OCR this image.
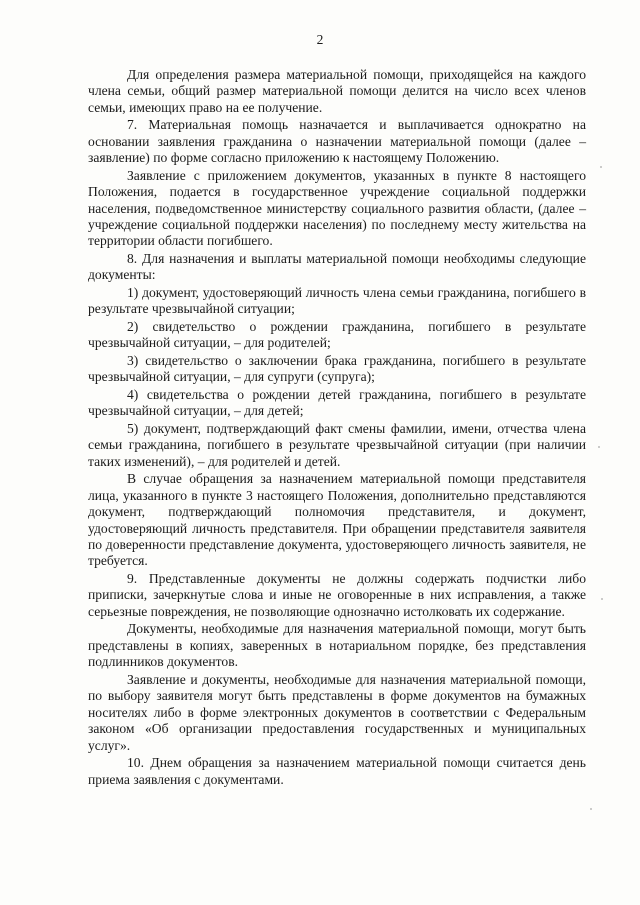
2

Для определения размера материальной помощи, приходящейся на каждого члена семьи, общий размер материальной помощи делится на число всех членов семьи, имеющих право на ее получение.

7. Материальная помощь назначается и выплачивается однократно на основании заявления гражданина о назначении материальной помощи (далее – заявление) по форме согласно приложению к настоящему Положению.

Заявление с приложением документов, указанных в пункте 8 настоящего Положения, подается в государственное учреждение социальной поддержки населения, подведомственное министерству социального развития области, (далее – учреждение социальной поддержки населения) по последнему месту жительства на территории области погибшего.

8. Для назначения и выплаты материальной помощи необходимы следующие документы:

1) документ, удостоверяющий личность члена семьи гражданина, погибшего в результате чрезвычайной ситуации;

2) свидетельство о рождении гражданина, погибшего в результате чрезвычайной ситуации, – для родителей;

3) свидетельство о заключении брака гражданина, погибшего в результате чрезвычайной ситуации, – для супруги (супруга);

4) свидетельства о рождении детей гражданина, погибшего в результате чрезвычайной ситуации, – для детей;

5) документ, подтверждающий факт смены фамилии, имени, отчества члена семьи гражданина, погибшего в результате чрезвычайной ситуации (при наличии таких изменений), – для родителей и детей.

В случае обращения за назначением материальной помощи представителя лица, указанного в пункте 3 настоящего Положения, дополнительно представляются документ, подтверждающий полномочия представителя, и документ, удостоверяющий личность представителя. При обращении представителя заявителя по доверенности представление документа, удостоверяющего личность заявителя, не требуется.

9. Представленные документы не должны содержать подчистки либо приписки, зачеркнутые слова и иные не оговоренные в них исправления, а также серьезные повреждения, не позволяющие однозначно истолковать их содержание.

Документы, необходимые для назначения материальной помощи, могут быть представлены в копиях, заверенных в нотариальном порядке, без представления подлинников документов.

Заявление и документы, необходимые для назначения материальной помощи, по выбору заявителя могут быть представлены в форме документов на бумажных носителях либо в форме электронных документов в соответствии с Федеральным законом «Об организации предоставления государственных и муниципальных услуг».

10. Днем обращения за назначением материальной помощи считается день приема заявления с документами.
